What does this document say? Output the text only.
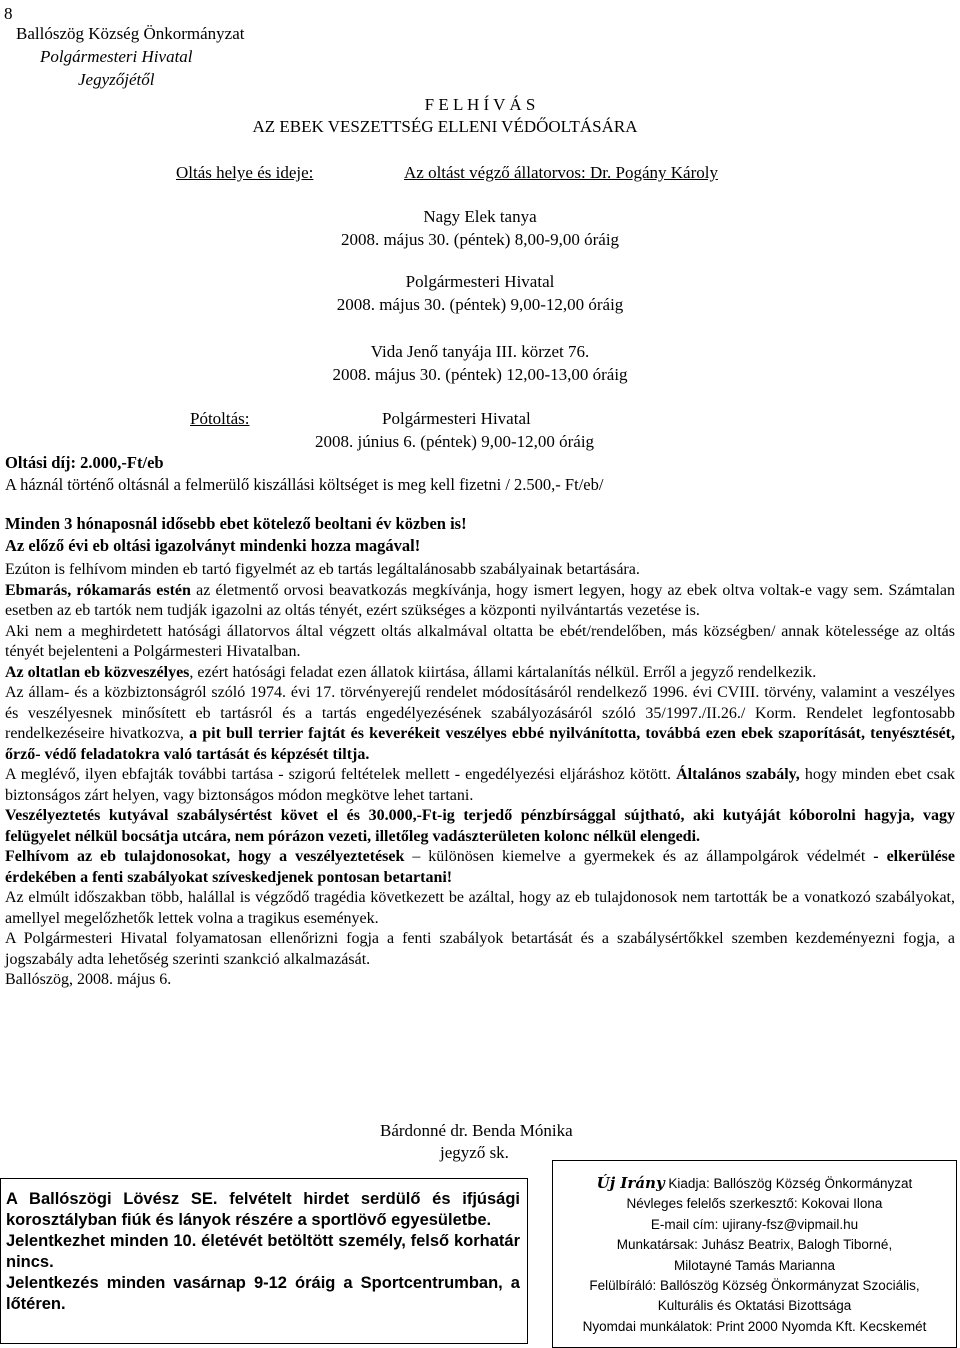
8
Ballószög Község Önkormányzat
Polgármesteri Hivatal
Jegyzőjétől
F E L H Í V Á S
AZ EBEK VESZETTSÉG ELLENI VÉDŐOLTÁSÁRA
Oltás helye és ideje:	Az oltást végző állatorvos: Dr. Pogány Károly
Nagy Elek tanya
2008. május 30. (péntek) 8,00-9,00 óráig
Polgármesteri Hivatal
2008. május 30. (péntek) 9,00-12,00 óráig
Vida Jenő tanyája III. körzet 76.
2008. május 30. (péntek) 12,00-13,00 óráig
Pótoltás:	Polgármesteri Hivatal
2008. június 6. (péntek) 9,00-12,00 óráig
Oltási díj: 2.000,-Ft/eb
A háznál történő oltásnál a felmerülő kiszállási költséget is meg kell fizetni / 2.500,- Ft/eb/
Minden 3 hónaposnál idősebb ebet kötelező beoltani év közben is!
Az előző évi eb oltási igazolványt mindenki hozza magával!

Ezúton is felhívom minden eb tartó figyelmét az eb tartás legáltalánosabb szabályainak betartására.

Ebmarás, rókamarás estén az életmentő orvosi beavatkozás megkívánja, hogy ismert legyen, hogy az ebek oltva voltak-e vagy sem. Számtalan esetben az eb tartók nem tudják igazolni az oltás tényét, ezért szükséges a központi nyilvántartás vezetése is.

Aki nem a meghirdetett hatósági állatorvos által végzett oltás alkalmával oltatta be ebét/rendelőben, más községben/ annak kötelessége az oltás tényét bejelenteni a Polgármesteri Hivatalban.

Az oltatlan eb közveszélyes, ezért hatósági feladat ezen állatok kiirtása, állami kártalanítás nélkül. Erről a jegyző rendelkezik.

Az állam- és a közbiztonságról szóló 1974. évi 17. törvényerejű rendelet módosításáról rendelkező 1996. évi CVIII. törvény, valamint a veszélyes és veszélyesnek minősített eb tartásról és a tartás engedélyezésének szabályozásáról szóló 35/1997./II.26./ Korm. Rendelet legfontosabb rendelkezéseire hivatkozva, a pit bull terrier fajtát és keverékeit veszélyes ebbé nyilvánította, továbbá ezen ebek szaporítását, tenyésztését, őrző- védő feladatokra való tartását és képzését tiltja.

A meglévő, ilyen ebfajták további tartása - szigorú feltételek mellett - engedélyezési eljáráshoz kötött. Általános szabály, hogy minden ebet csak biztonságos zárt helyen, vagy biztonságos módon megkötve lehet tartani.

Veszélyeztetés kutyával szabálysértést követ el és 30.000,-Ft-ig terjedő pénzbírsággal sújtható, aki kutyáját kóborolni hagyja, vagy felügyelet nélkül bocsátja utcára, nem pórázon vezeti, illetőleg vadászterületen kolonc nélkül elengedi.

Felhívom az eb tulajdonosokat, hogy a veszélyeztetések – különösen kiemelve a gyermekek és az állampolgárok védelmét - elkerülése érdekében a fenti szabályokat szíveskedjenek pontosan betartani!

Az elmúlt időszakban több, halállal is végződő tragédia következett be azáltal, hogy az eb tulajdonosok nem tartották be a vonatkozó szabályokat, amellyel megelőzhetők lettek volna a tragikus események.

A Polgármesteri Hivatal folyamatosan ellenőrizni fogja a fenti szabályok betartását és a szabálysértőkkel szemben kezdeményezni fogja, a jogszabály adta lehetőség szerinti szankció alkalmazását.

Ballószög, 2008. május 6.

Bárdonné dr. Benda Mónika
jegyző sk.

A Ballószögi Lövész SE. felvételt hirdet serdülő és ifjúsági korosztályban fiúk és lányok részére a sportlövő egyesületbe.

Jelentkezhet minden 10. életévét betöltött személy, felső korhatár nincs.

Jelentkezés minden vasárnap 9-12 óráig a Sportcentrumban, a lőtéren.

Új Irány Kiadja: Ballószög Község Önkormányzat
Névleges felelős szerkesztő: Kokovai Ilona
E-mail cím: ujirany-fsz@vipmail.hu
Munkatársak: Juhász Beatrix, Balogh Tiborné,
Milotayné Tamás Marianna
Felülbíráló: Ballószög Község Önkormányzat Szociális,
Kulturális és Oktatási Bizottsága
Nyomdai munkálatok: Print 2000 Nyomda Kft. Kecskemét
